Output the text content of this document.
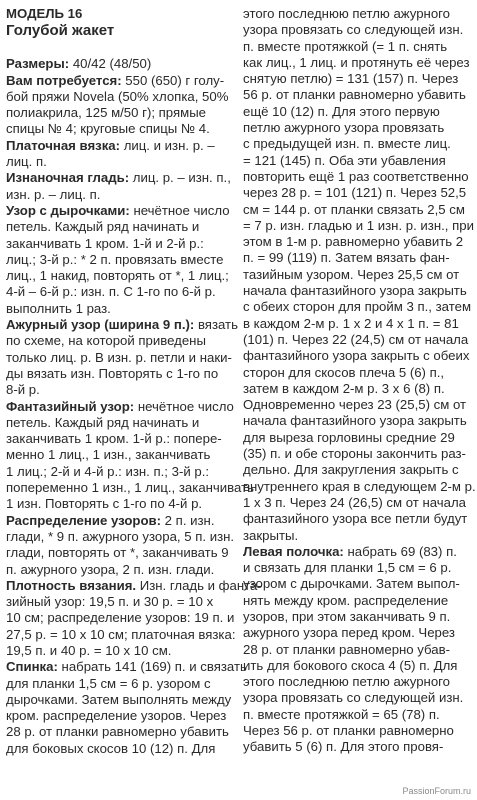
МОДЕЛЬ 16
Голубой жакет
Размеры: 40/42 (48/50)
Вам потребуется: 550 (650) г голу-
бой пряжи Novela (50% хлопка, 50%
полиакрила, 125 м/50 г); прямые
спицы № 4; круговые спицы № 4.
Платочная вязка: лиц. и изн. р. –
лиц. п.
Изнаночная гладь: лиц. р. – изн. п.,
изн. р. – лиц. п.
Узор с дырочками: нечётное число
петель. Каждый ряд начинать и
заканчивать 1 кром. 1-й и 2-й р.:
лиц.; 3-й р.: * 2 п. провязать вместе
лиц., 1 накид, повторять от *, 1 лиц.;
4-й – 6-й р.: изн. п. С 1-го по 6-й р.
выполнить 1 раз.
Ажурный узор (ширина 9 п.): вязать
по схеме, на которой приведены
только лиц. р. В изн. р. петли и наки-
ды вязать изн. Повторять с 1-го по
8-й р.
Фантазийный узор: нечётное число
петель. Каждый ряд начинать и
заканчивать 1 кром. 1-й р.: попере-
менно 1 лиц., 1 изн., заканчивать
1 лиц.; 2-й и 4-й р.: изн. п.; 3-й р.:
попеременно 1 изн., 1 лиц., заканчивать
1 изн. Повторять с 1-го по 4-й р.
Распределение узоров: 2 п. изн.
глади, * 9 п. ажурного узора, 5 п. изн.
глади, повторять от *, заканчивать 9
п. ажурного узора, 2 п. изн. глади.
Плотность вязания. Изн. гладь и фанта-
зийный узор: 19,5 п. и 30 р. = 10 х
10 см; распределение узоров: 19 п. и
27,5 р. = 10 х 10 см; платочная вязка:
19,5 п. и 40 р. = 10 х 10 см.
Спинка: набрать 141 (169) п. и связать
для планки 1,5 см = 6 р. узором с
дырочками. Затем выполнять между
кром. распределение узоров. Через
28 р. от планки равномерно убавить
для боковых скосов 10 (12) п. Для
этого последнюю петлю ажурного
узора провязать со следующей изн.
п. вместе протяжкой (= 1 п. снять
как лиц., 1 лиц. и протянуть её через
снятую петлю) = 131 (157) п. Через
56 р. от планки равномерно убавить
ещё 10 (12) п. Для этого первую
петлю ажурного узора провязать
с предыдущей изн. п. вместе лиц.
= 121 (145) п. Оба эти убавления
повторить ещё 1 раз соответственно
через 28 р. = 101 (121) п. Через 52,5
см = 144 р. от планки связать 2,5 см
= 7 р. изн. гладью и 1 изн. р. изн., при
этом в 1-м р. равномерно убавить 2
п. = 99 (119) п. Затем вязать фан-
тазийным узором. Через 25,5 см от
начала фантазийного узора закрыть
с обеих сторон для пройм 3 п., затем
в каждом 2-м р. 1 х 2 и 4 х 1 п. = 81
(101) п. Через 22 (24,5) см от начала
фантазийного узора закрыть с обеих
сторон для скосов плеча 5 (6) п.,
затем в каждом 2-м р. 3 х 6 (8) п.
Одновременно через 23 (25,5) см от
начала фантазийного узора закрыть
для выреза горловины средние 29
(35) п. и обе стороны закончить раз-
дельно. Для закругления закрыть с
внутреннего края в следующем 2-м р.
1 х 3 п. Через 24 (26,5) см от начала
фантазийного узора все петли будут
закрыты.
Левая полочка: набрать 69 (83) п.
и связать для планки 1,5 см = 6 р.
узором с дырочками. Затем выпол-
нять между кром. распределение
узоров, при этом заканчивать 9 п.
ажурного узора перед кром. Через
28 р. от планки равномерно убав-
ить для бокового скоса 4 (5) п. Для
этого последнюю петлю ажурного
узора провязать со следующей изн.
п. вместе протяжкой = 65 (78) п.
Через 56 р. от планки равномерно
убавить 5 (6) п. Для этого провя-
PassionForum.ru
